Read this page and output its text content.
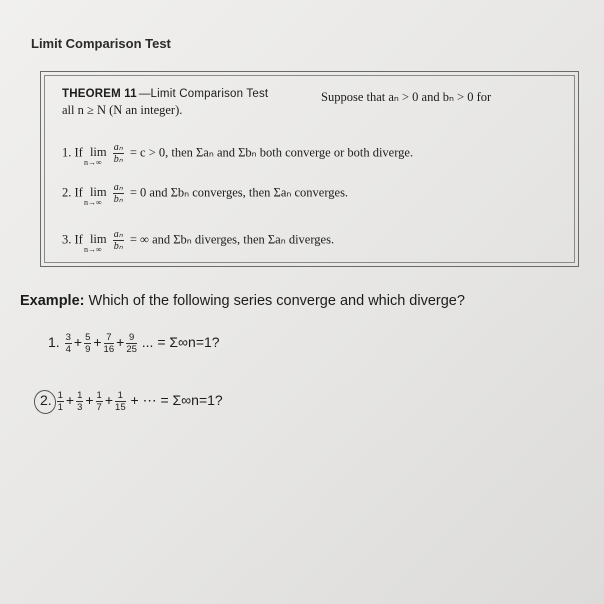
Limit Comparison Test
THEOREM 11 —Limit Comparison Test	Suppose that aₙ > 0 and bₙ > 0 for
all n ≥ N (N an integer).
1. If lim
n→∞
$\frac{\text{aₙ}}{\text{bₙ}} = c > 0$, then Σaₙ and Σbₙ both converge or both diverge.
2. If lim
n→∞
$\frac{\text{aₙ}}{\text{bₙ}} = 0$ and Σbₙ converges, then Σaₙ converges.
3. If lim
n→∞
$\frac{\text{aₙ}}{\text{bₙ}}$ = ∞ and Σbₙ diverges, then Σaₙ diverges.
Example: Which of the following series converge and which diverge?
1. $\frac{3}{4} + \frac{5}{9} + \frac{7}{16} + \frac{9}{25}$ ... = Σ∞n=1?
2. $\frac{1}{1} + \frac{1}{3} + \frac{1}{7} + \frac{1}{15}$ + ⋯ = Σ∞n=1?
